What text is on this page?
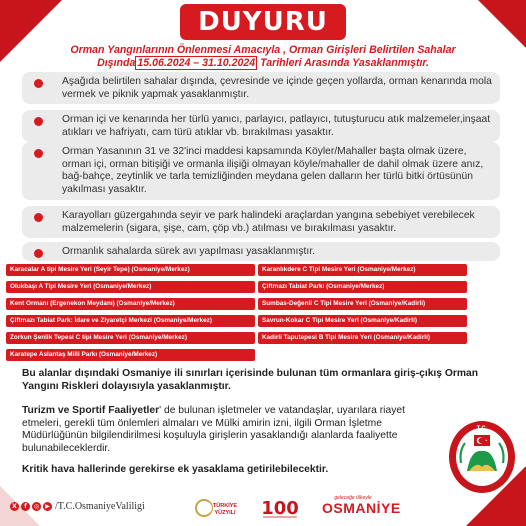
DUYURU
Orman Yangınlarının Önlenmesi Amacıyla , Orman Girişleri Belirtilen Sahalar
Dışında 15.06.2024 – 31.10.2024 Tarihleri Arasında Yasaklanmıştır.
Aşağıda belirtilen sahalar dışında, çevresinde ve içinde geçen yollarda, orman kenarında mola vermek ve piknik yapmak yasaklanmıştır.
Orman içi ve kenarında her türlü yanıcı, parlayıcı, patlayıcı, tutuşturucu atık malzemeler,inşaat atıkları ve hafriyatı, cam türü atıklar vb. bırakılması yasaktır.
Orman Yasanının 31 ve 32'inci maddesi kapsamında Köyler/Mahaller başta olmak üzere, orman içi, orman bitişiği ve ormanla ilişiği olmayan köyle/mahaller de dahil olmak üzere anız, bağ-bahçe, zeytinlik ve tarla temizliğinden meydana gelen dalların her türlü bitki örtüsünün yakılması yasaktır.
Karayolları güzergahında seyir ve park halindeki araçlardan yangına sebebiyet verebilecek malzemelerin (sigara, şişe, cam, çöp vb.) atılması ve bırakılması yasaktır.
Ormanlık sahalarda sürek avı yapılması yasaklanmıştır.
Karacalar A tipi Mesire Yeri (Seyir Tepe) (Osmaniye/Merkez)
Olukbaşı A Tipi Mesire Yeri (Osmaniye/Merkez)
Kent Ormanı (Ergenekon Meydanı) (Osmaniye/Merkez)
Çiftmazı Tabiat Park: İdare ve Ziyaretçi Merkezi (Osmaniye/Merkez)
Zorkun Şenlik Tepesi C tipi Mesire Yeri (Osmaniye/Merkez)
Karatepe Aslantaş Milli Parkı (Osmaniye/Merkez)
Karanlıkdere C Tipi Mesire Yeri (Osmaniye/Merkez)
Çiftmazı Tabiat Parkı (Osmaniye/Merkez)
Sumbas-Değenli C Tipi Mesire Yeri (Osmaniye/Kadirli)
Savrun-Kokar C Tipi Mesire Yeri (Osmaniye/Kadirli)
Kadirli Taputepesi B Tipi Mesire Yeri (Osmaniye/Kadirli)
Bu alanlar dışındaki Osmaniye ili sınırları içerisinde bulunan tüm ormanlara giriş-çıkış Orman Yangını Riskleri dolayısıyla yasaklanmıştır.
Turizm ve Sportif Faaliyetler' de bulunan işletmeler ve vatandaşlar, uyarılara riayet etmeleri, gerekli tüm önlemleri almaları ve Mülki amirin izni, ilgili Orman İşletme Müdürlüğünün bilgilendirilmesi koşuluyla girişlerin yasaklandığı alanlarda faaliyette bulunabileceklerdir.
Kritik hava hallerinde gerekirse ek yasaklama getirilebilecektir.
T.C.
OSMANİYE VALİLİĞİ
X	f	◎	▶ /T.C.OsmaniyeValiligi	TÜRKİYE
YÜZYILI 100	geleceğe ülkeyle
OSMANİYE
